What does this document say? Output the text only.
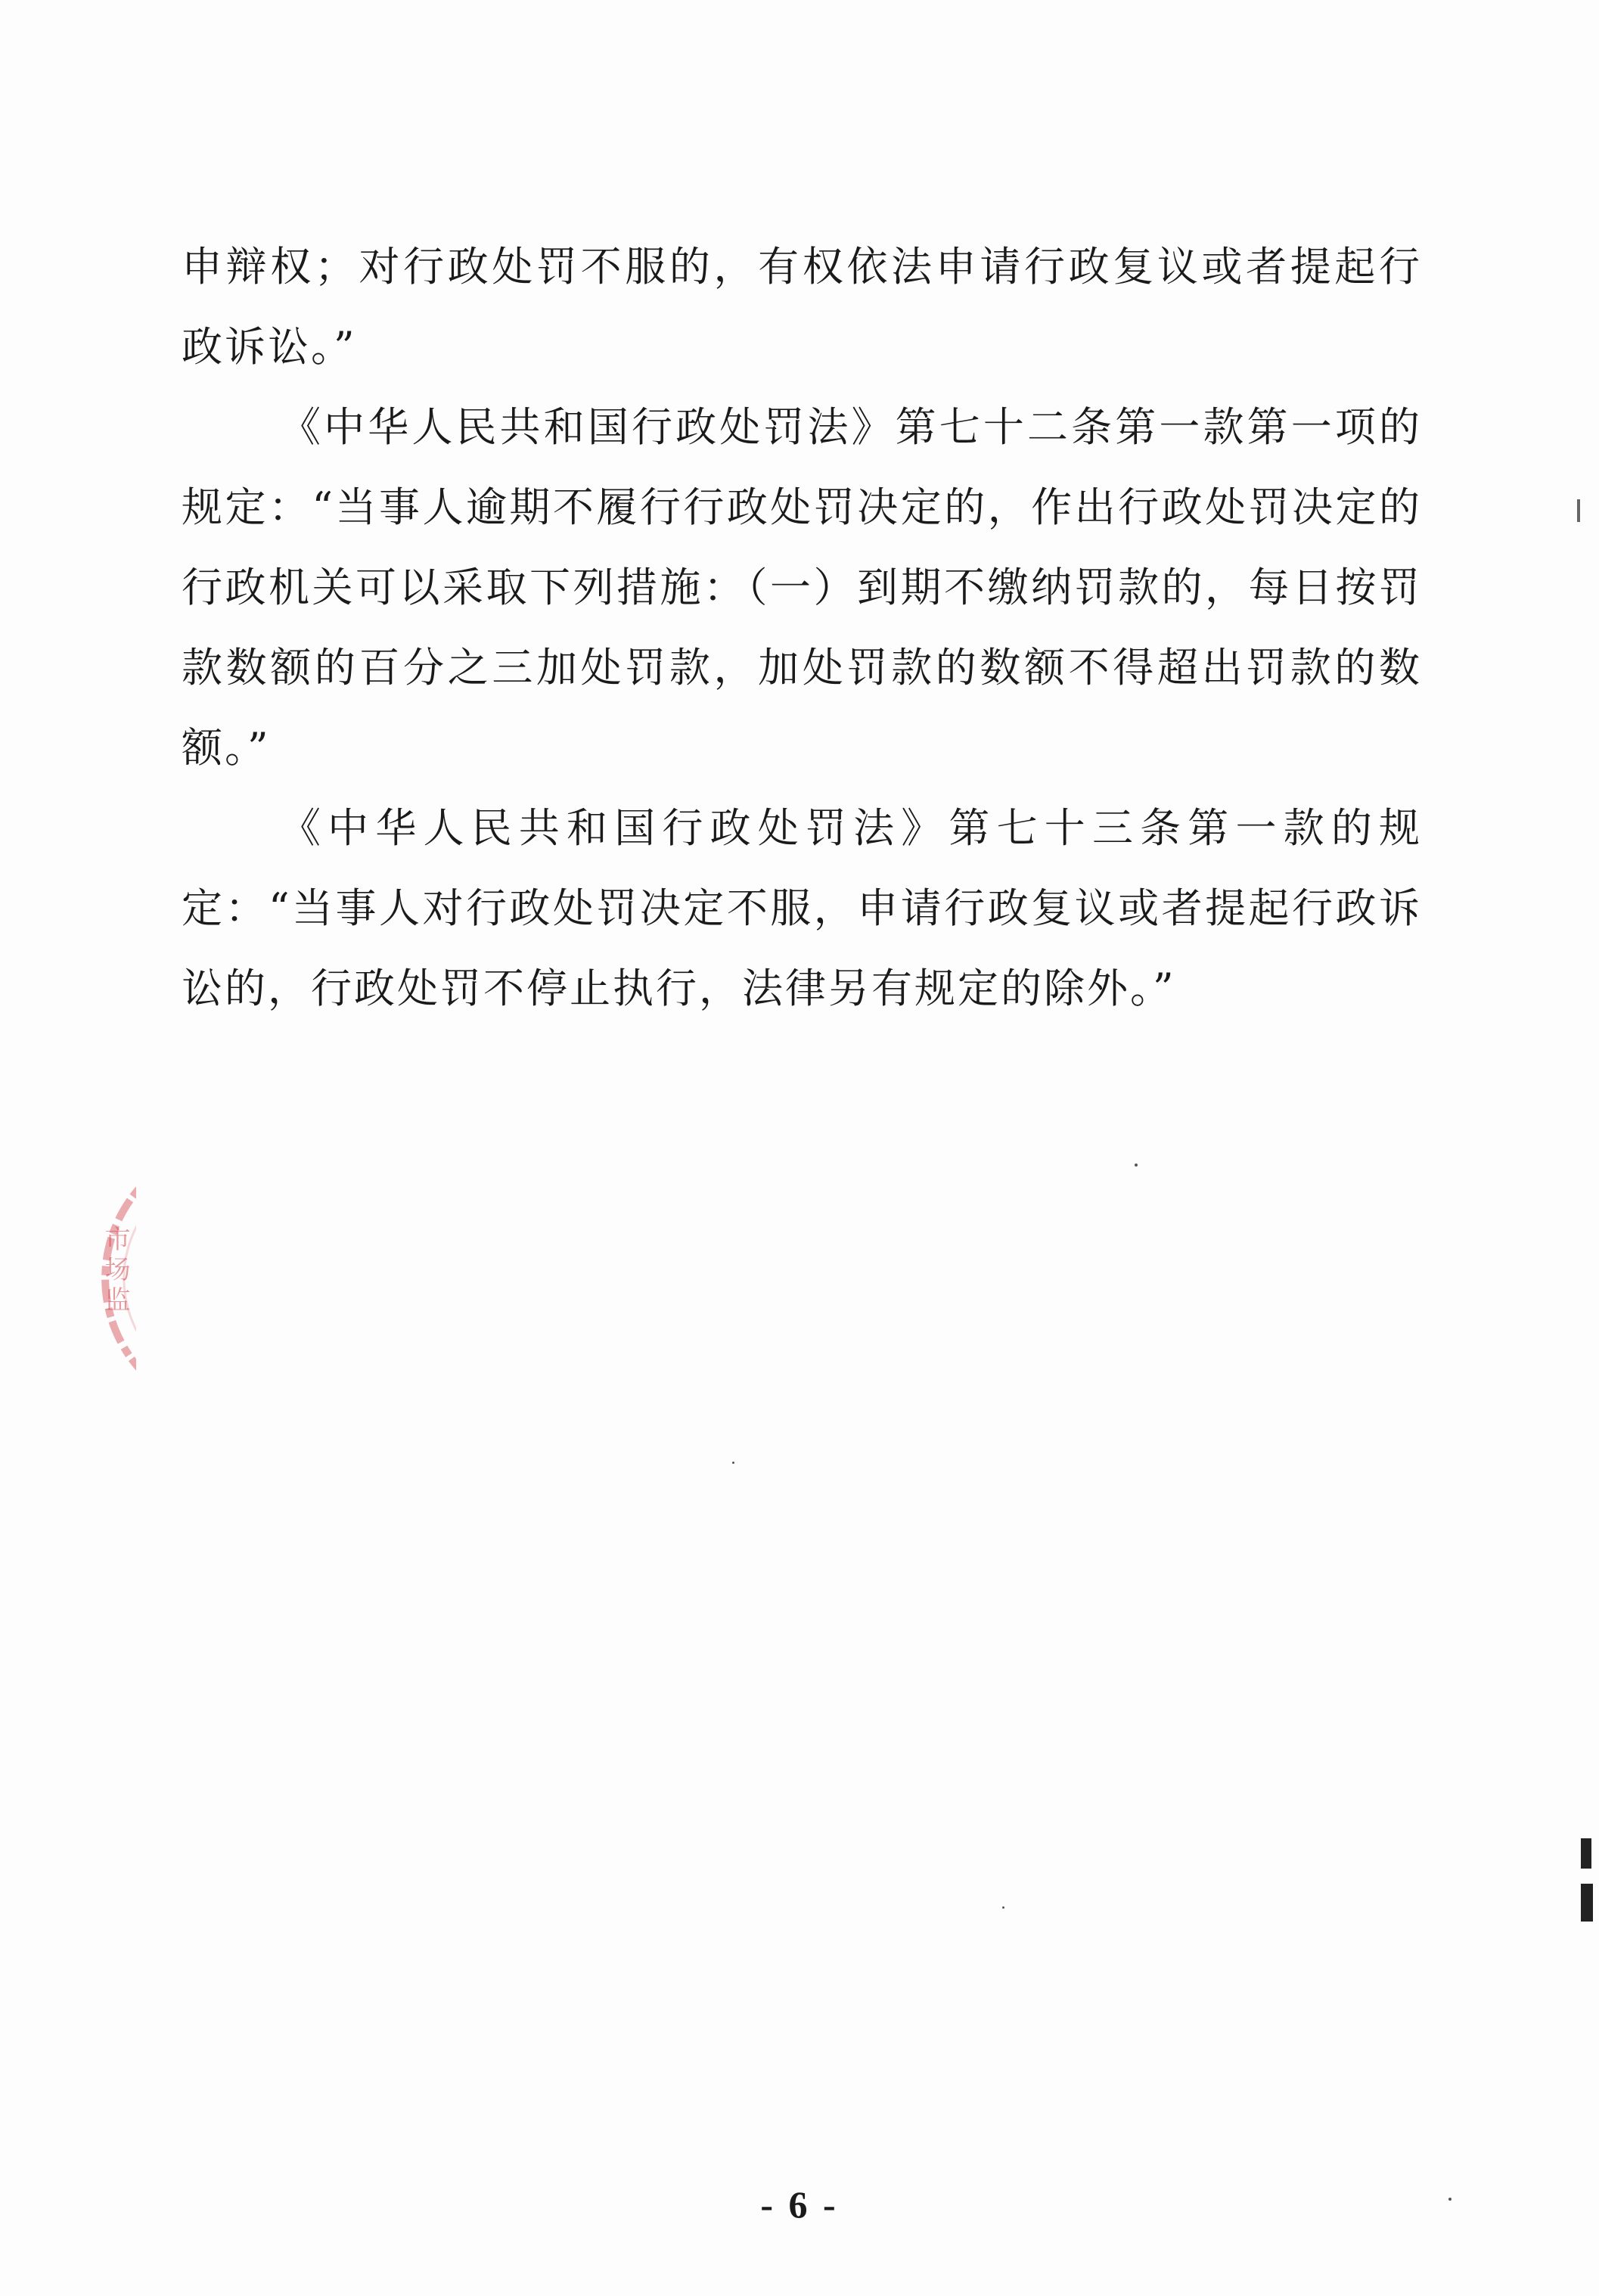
申辩权；对行政处罚不服的，有权依法申请行政复议或者提起行政诉讼。”

《中华人民共和国行政处罚法》第七十二条第一款第一项的规定：“当事人逾期不履行行政处罚决定的，作出行政处罚决定的行政机关可以采取下列措施：（一）到期不缴纳罚款的，每日按罚款数额的百分之三加处罚款，加处罚款的数额不得超出罚款的数额。”

《中华人民共和国行政处罚法》第七十三条第一款的规定：“当事人对行政处罚决定不服，申请行政复议或者提起行政诉讼的，行政处罚不停止执行，法律另有规定的除外。”

市场监
- 6 -
